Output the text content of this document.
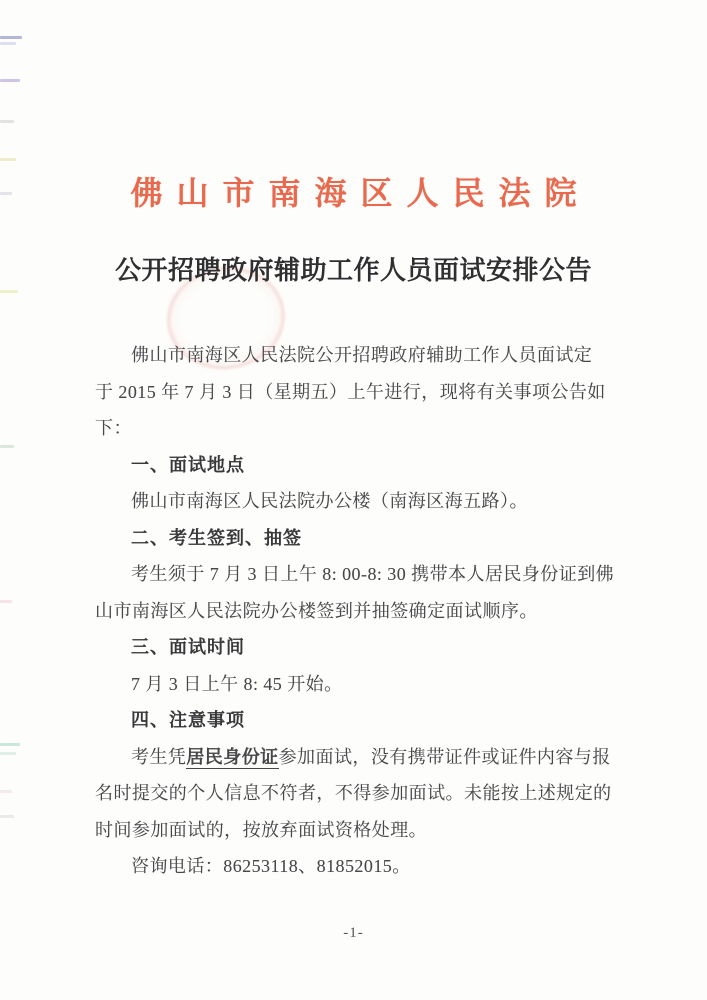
佛山市南海区人民法院
公开招聘政府辅助工作人员面试安排公告
佛山市南海区人民法院公开招聘政府辅助工作人员面试定
于 2015 年 7 月 3 日（星期五）上午进行，现将有关事项公告如
下：
一、面试地点
佛山市南海区人民法院办公楼（南海区海五路）。
二、考生签到、抽签
考生须于 7 月 3 日上午 8: 00-8: 30 携带本人居民身份证到佛
山市南海区人民法院办公楼签到并抽签确定面试顺序。
三、面试时间
7 月 3 日上午 8: 45 开始。
四、注意事项
考生凭居民身份证参加面试，没有携带证件或证件内容与报
名时提交的个人信息不符者，不得参加面试。未能按上述规定的
时间参加面试的，按放弃面试资格处理。
咨询电话：86253118、81852015。
-1-
